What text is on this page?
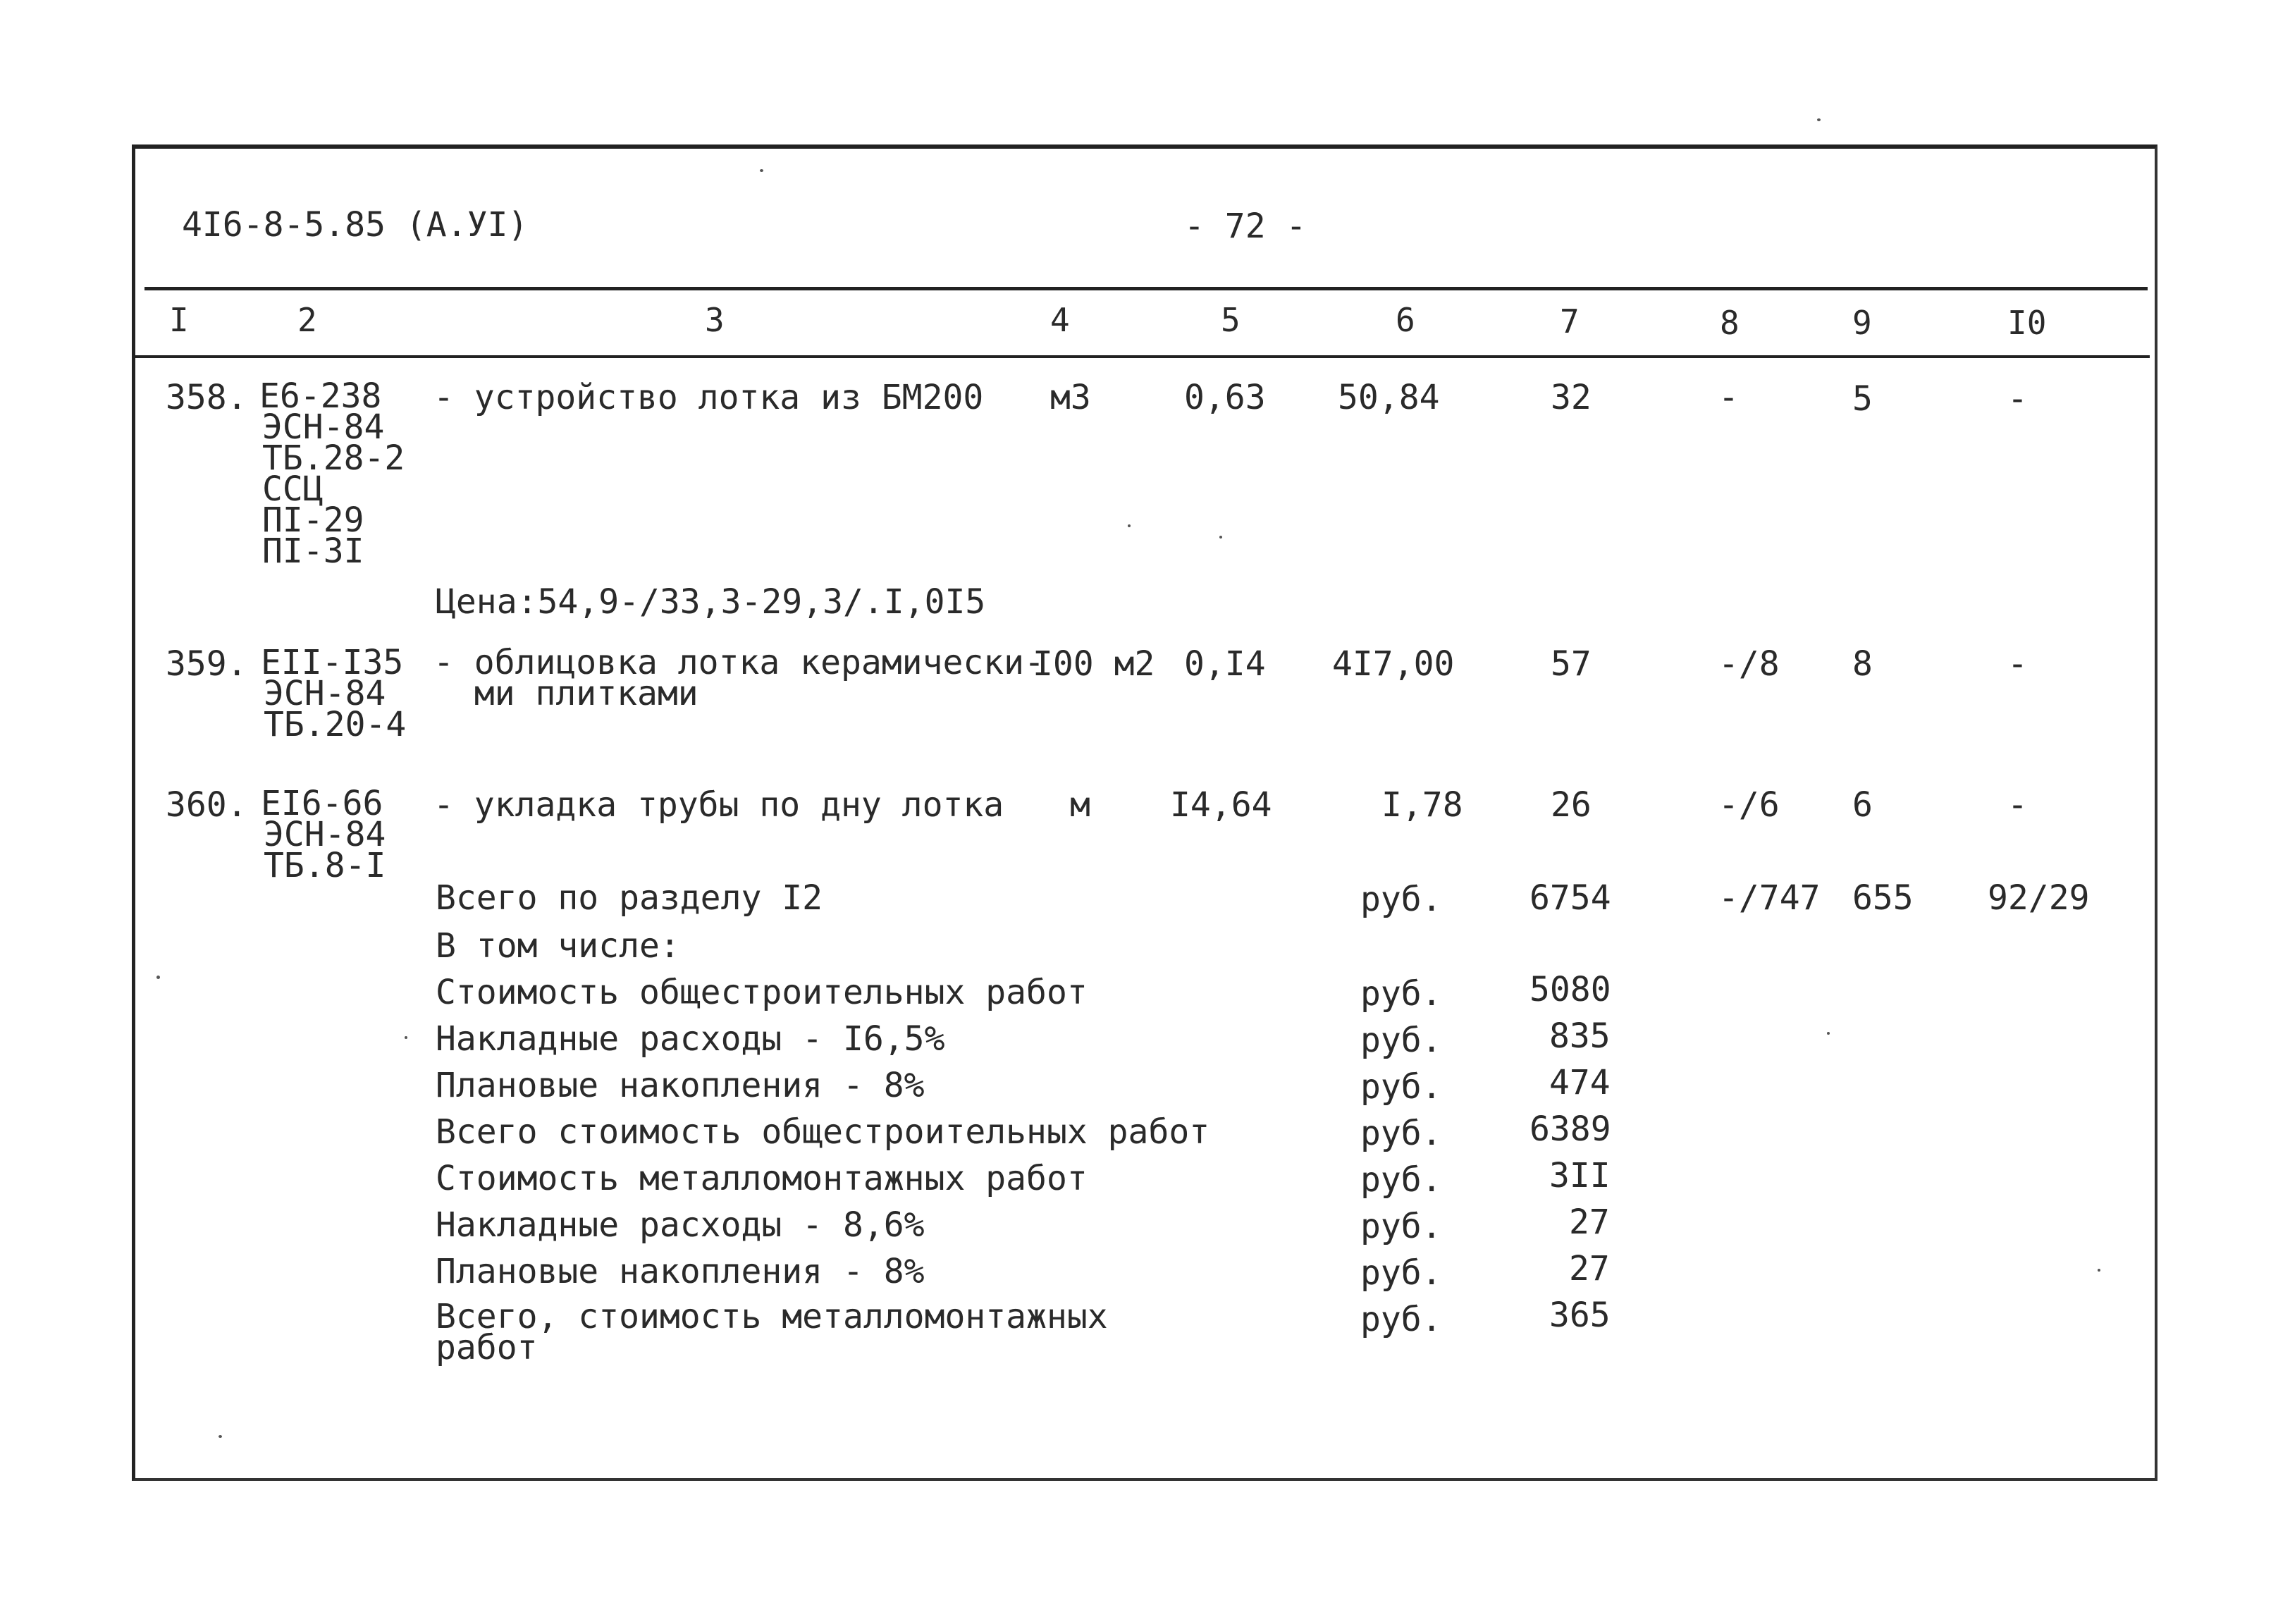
4I6-8-5.85 (А.УI)	- 72 -
I	2	3	4	5	6	7	8	9	I0
358. Е6-238
ЭСН-84
ТБ.28-2
ССЦ
ПI-29
ПI-3I
- устройство лотка из БМ200 м3	0,63 50,84	32	-	5	-
Цена:54,9-/33,3-29,3/.I,0I5
359. ЕII-I35
ЭСН-84
ТБ.20-4
- облицовка лотка керамически-
ми плитками
I00 м2 0,I4 4I7,00	57	-/8 8	-
360. ЕI6-66
ЭСН-84
ТБ.8-I
- укладка трубы по дну лотка м I4,64	I,78	26	-/6 6	-
Всего по разделу I2	руб.	6754	-/747 655 92/29
В том числе:
Стоимость общестроительных работ	руб.	5080
Накладные расходы - I6,5%	руб.	835
Плановые накопления - 8%	руб.	474
Всего стоимость общестроительных работ	руб.	6389
Стоимость металломонтажных работ	руб.	3II
Накладные расходы - 8,6%	руб.	27
Плановые накопления - 8%	руб.	27
Всего, стоимость металломонтажных
работ
руб.	365
